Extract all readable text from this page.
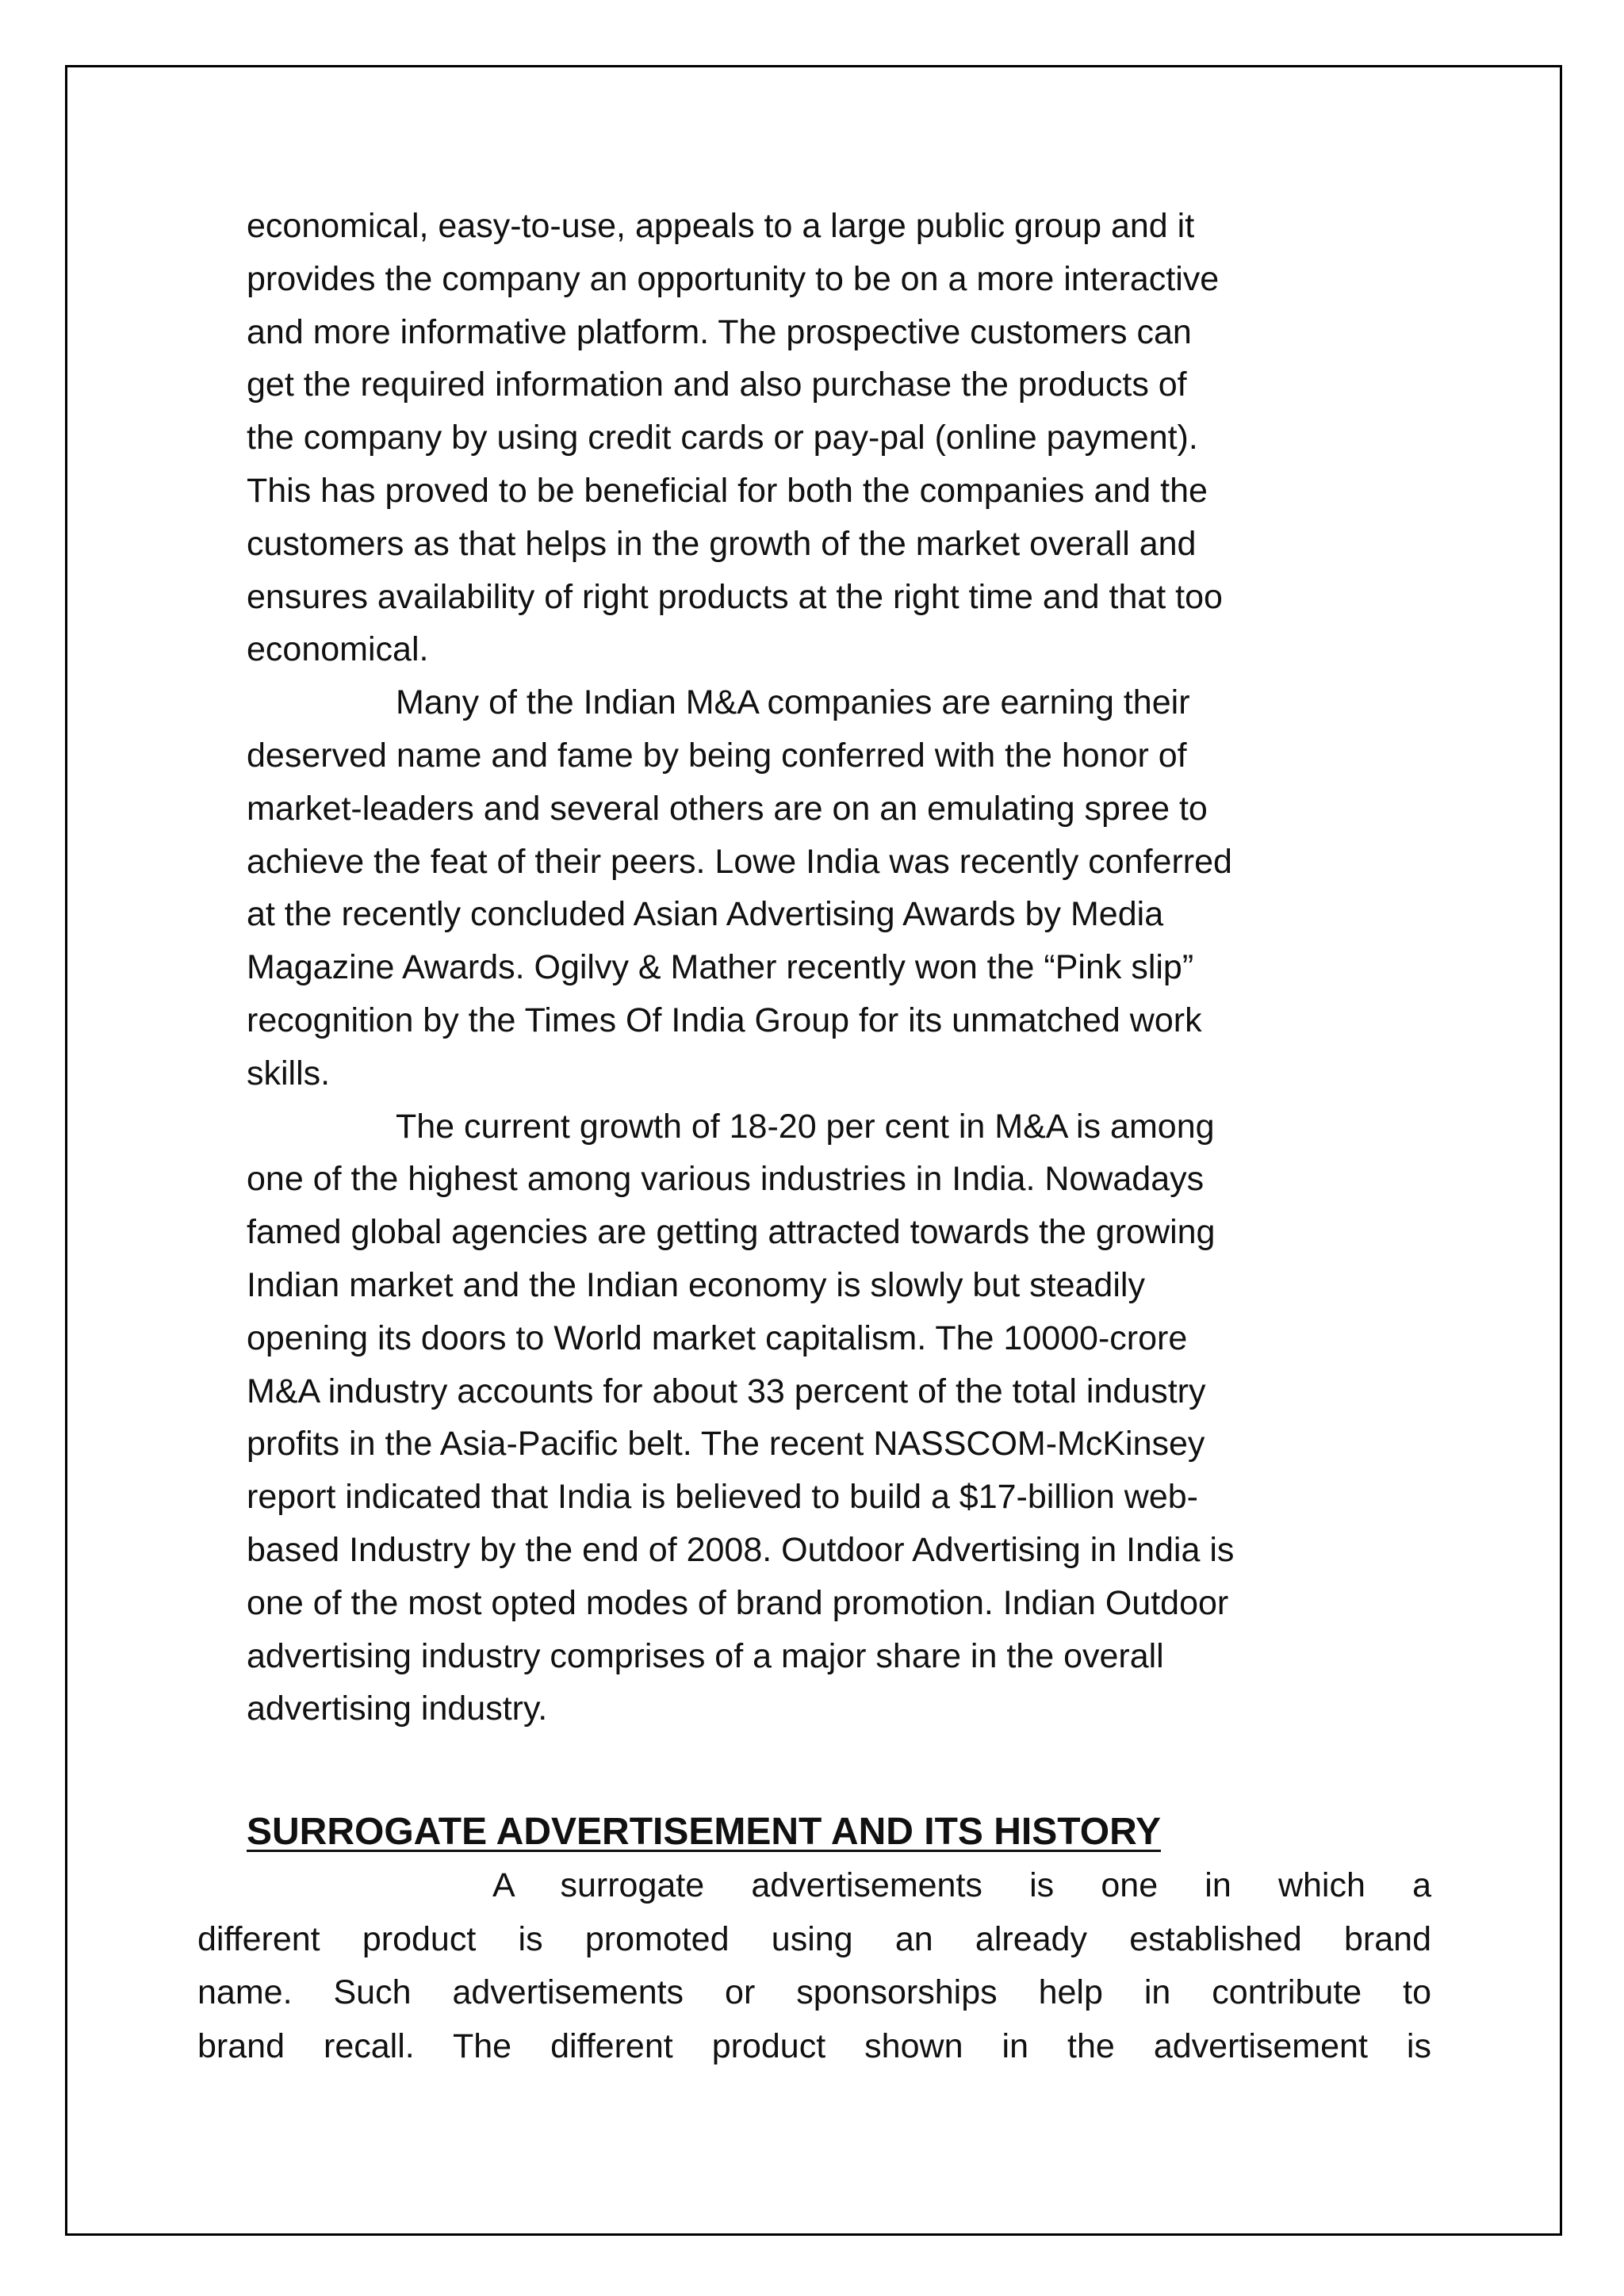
economical, easy-to-use, appeals to a large public group and it
provides the company an opportunity to be on a more interactive
and more informative platform. The prospective customers can
get the required information and also purchase the products of
the company by using credit cards or pay-pal (online payment).
This has proved to be beneficial for both the companies and the
customers as that helps in the growth of the market overall and
ensures availability of right products at the right time and that too
economical.
Many of the Indian M&A companies are earning their
deserved name and fame by being conferred with the honor of
market-leaders and several others are on an emulating spree to
achieve the feat of their peers. Lowe India was recently conferred
at the recently concluded Asian Advertising Awards by Media
Magazine Awards. Ogilvy & Mather recently won the “Pink slip”
recognition by the Times Of India Group for its unmatched work
skills.
The current growth of 18-20 per cent in M&A is among
one of the highest among various industries in India. Nowadays
famed global agencies are getting attracted towards the growing
Indian market and the Indian economy is slowly but steadily
opening its doors to World market capitalism. The 10000-crore
M&A industry accounts for about 33 percent of the total industry
profits in the Asia-Pacific belt. The recent NASSCOM-McKinsey
report indicated that India is believed to build a $17-billion web-
based Industry by the end of 2008. Outdoor Advertising in India is
one of the most opted modes of brand promotion. Indian Outdoor
advertising industry comprises of a major share in the overall
advertising industry.
SURROGATE ADVERTISEMENT AND ITS HISTORY
A surrogate advertisements is one in which a
different product is promoted using an already established brand
name. Such advertisements or sponsorships help in contribute to
brand recall. The different product shown in the advertisement is
